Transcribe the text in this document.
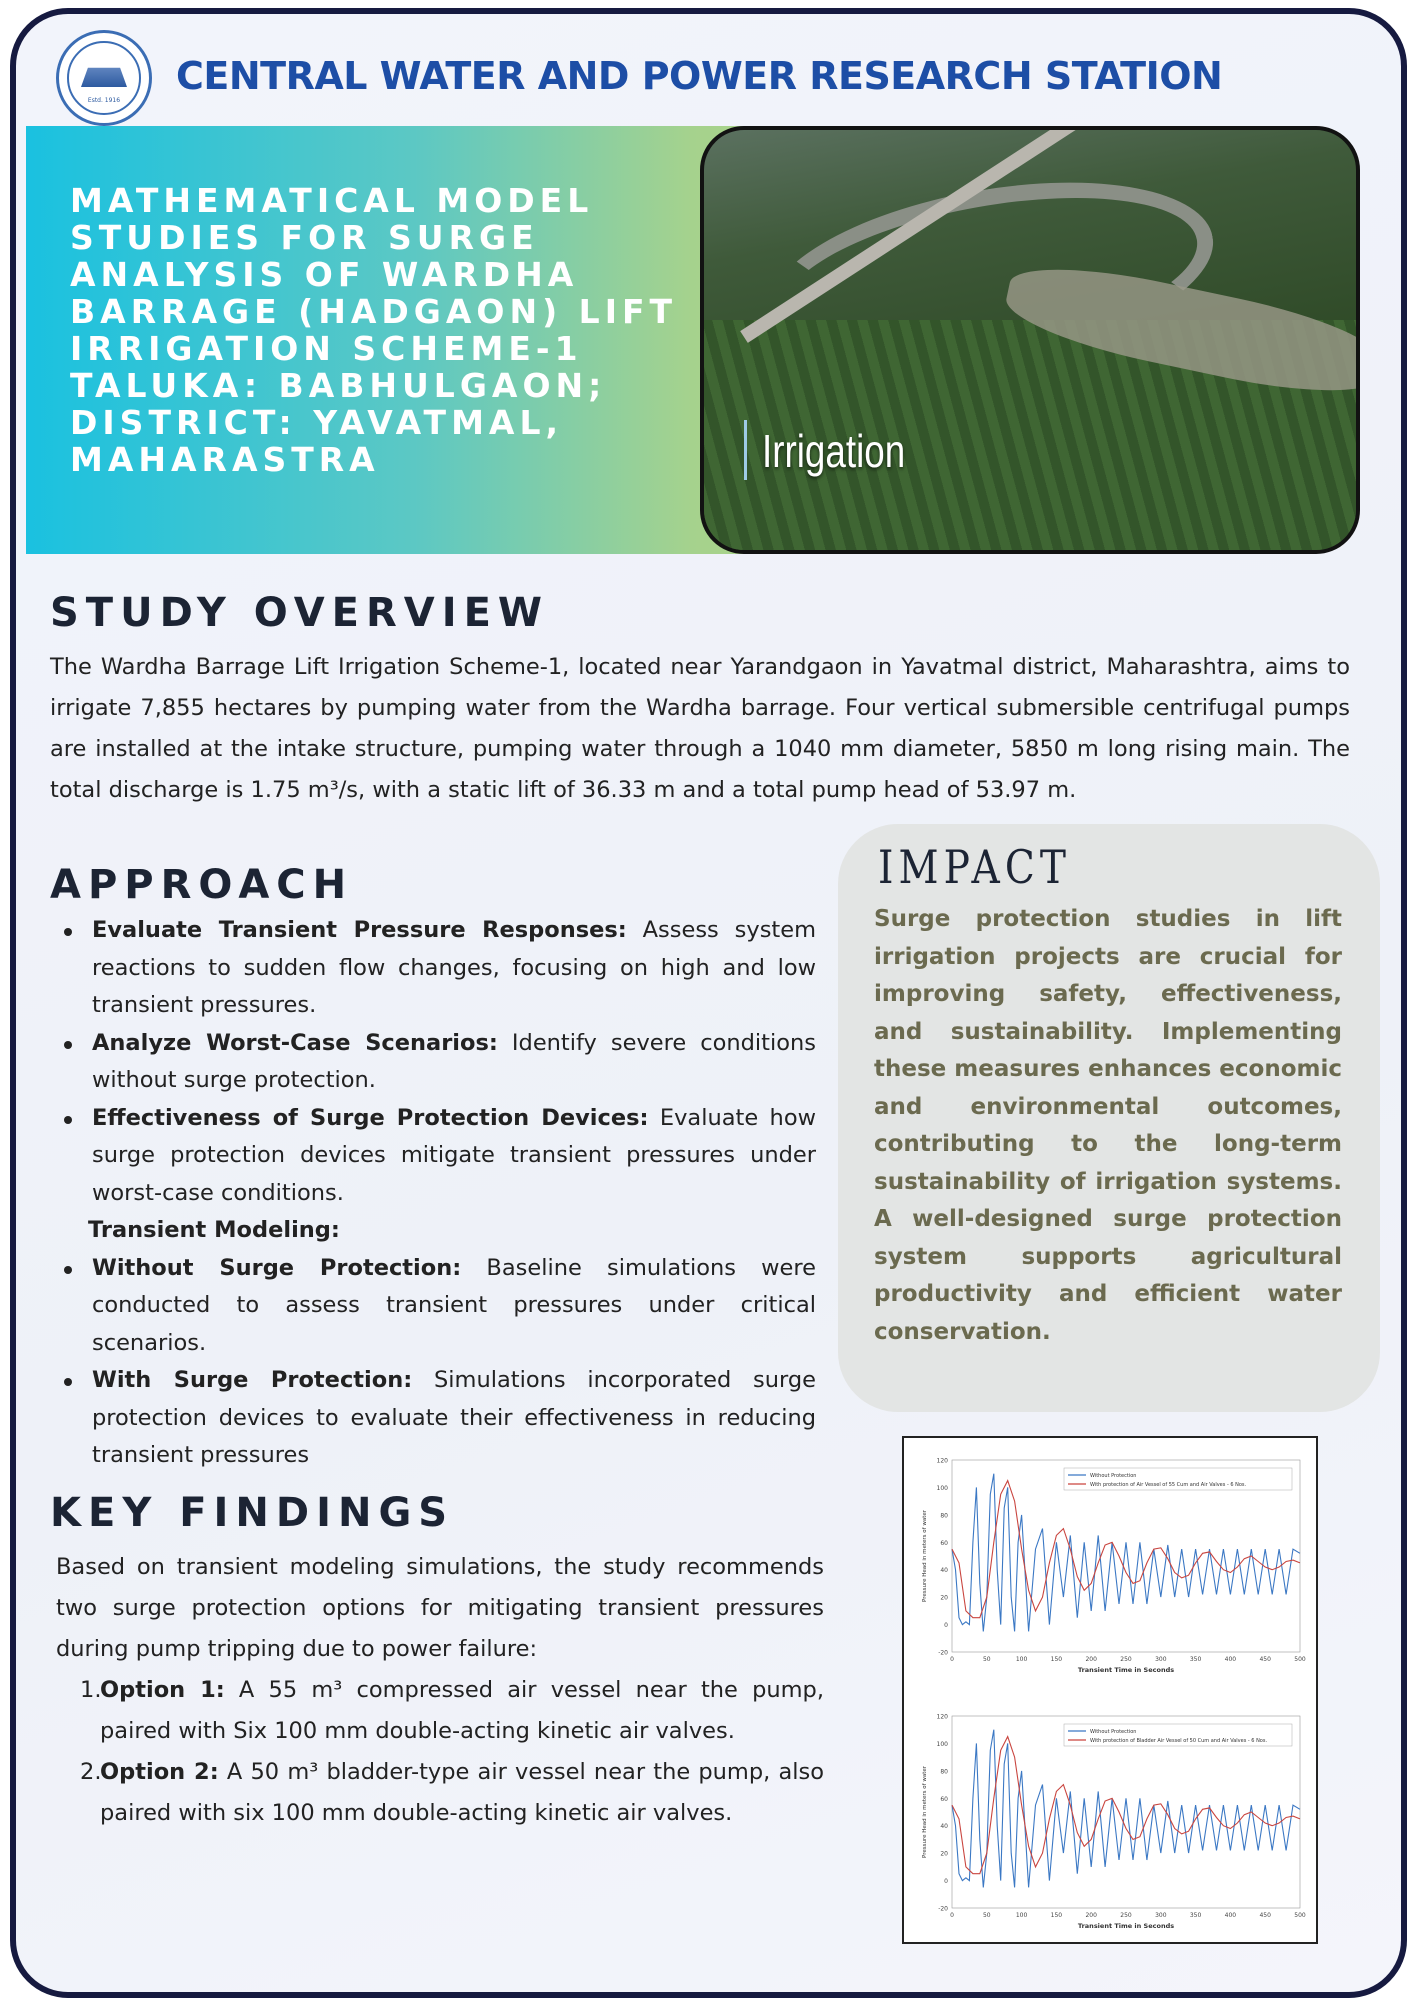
Estd. 1916
CENTRAL WATER AND POWER RESEARCH STATION
MATHEMATICAL MODEL STUDIES FOR SURGE ANALYSIS OF WARDHA BARRAGE (HADGAON) LIFT IRRIGATION SCHEME-1 TALUKA: BABHULGAON; DISTRICT: YAVATMAL, MAHARASTRA	Irrigation
STUDY OVERVIEW
The Wardha Barrage Lift Irrigation Scheme-1, located near Yarandgaon in Yavatmal district, Maharashtra, aims to irrigate 7,855 hectares by pumping water from the Wardha barrage. Four vertical submersible centrifugal pumps are installed at the intake structure, pumping water through a 1040 mm diameter, 5850 m long rising main. The total discharge is 1.75 m³/s, with a static lift of 36.33 m and a total pump head of 53.97 m.
APPROACH
Evaluate Transient Pressure Responses: Assess system reactions to sudden flow changes, focusing on high and low transient pressures.
Analyze Worst-Case Scenarios: Identify severe conditions without surge protection.
Effectiveness of Surge Protection Devices: Evaluate how surge protection devices mitigate transient pressures under worst-case conditions.
Transient Modeling:
Without Surge Protection: Baseline simulations were conducted to assess transient pressures under critical scenarios.
With Surge Protection: Simulations incorporated surge protection devices to evaluate their effectiveness in reducing transient pressures
IMPACT
Surge protection studies in lift irrigation projects are crucial for improving safety, effectiveness, and sustainability. Implementing these measures enhances economic and environmental outcomes, contributing to the long-term sustainability of irrigation systems. A well-designed surge protection system supports agricultural productivity and efficient water conservation.
KEY FINDINGS
Based on transient modeling simulations, the study recommends two surge protection options for mitigating transient pressures during pump tripping due to power failure:
1.
Option 1: A 55 m³ compressed air vessel near the pump, paired with Six 100 mm double-acting kinetic air valves.
2.
Option 2: A 50 m³ bladder-type air vessel near the pump, also paired with six 100 mm double-acting kinetic air valves.
-20
0
20
40
60
80
100
120
0	50	100	150	200	250	300	350	400	450	500
Transient Time in Seconds
Pressure Head in meters of water
Without Protection
With protection of Air Vessel of 55 Cum and Air Valves - 6 Nos.
-20
0
20
40
60
80
100
120
0	50	100	150	200	250	300	350	400	450	500
Transient Time in Seconds
Pressure Head in meters of water
Without Protection
With protection of Bladder Air Vessel of 50 Cum and Air Valves - 6 Nos.
